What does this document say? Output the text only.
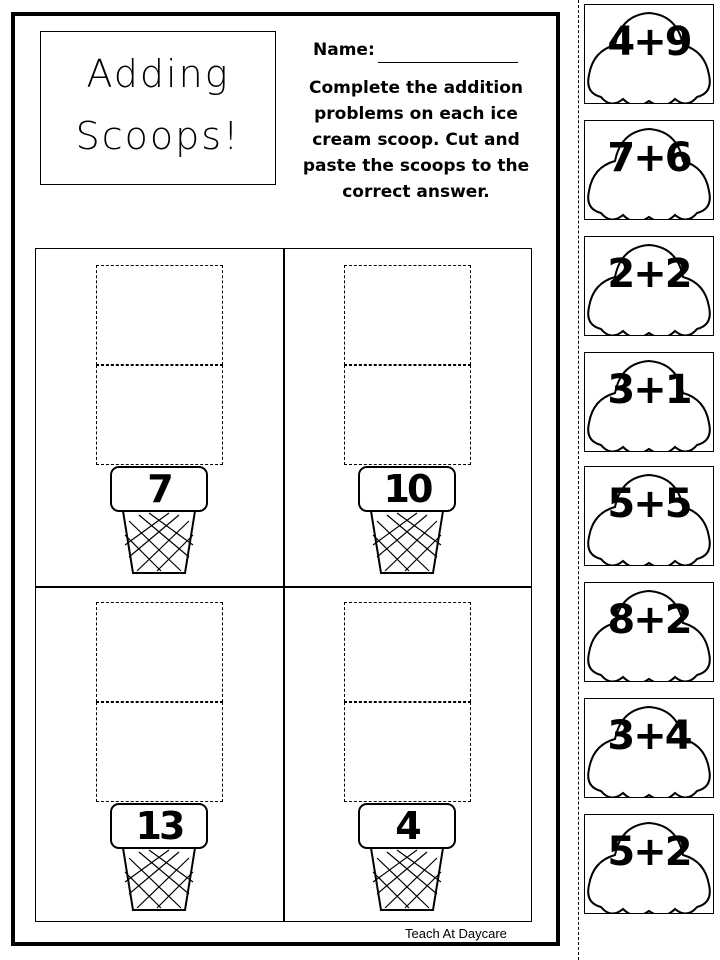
Adding
Scoops!
Name:
Complete the addition problems on each ice cream scoop. Cut and paste the scoops to the correct answer.
7	10
13	4
Teach At Daycare
4+9
7+6
2+2
3+1
5+5
8+2
3+4
5+2
